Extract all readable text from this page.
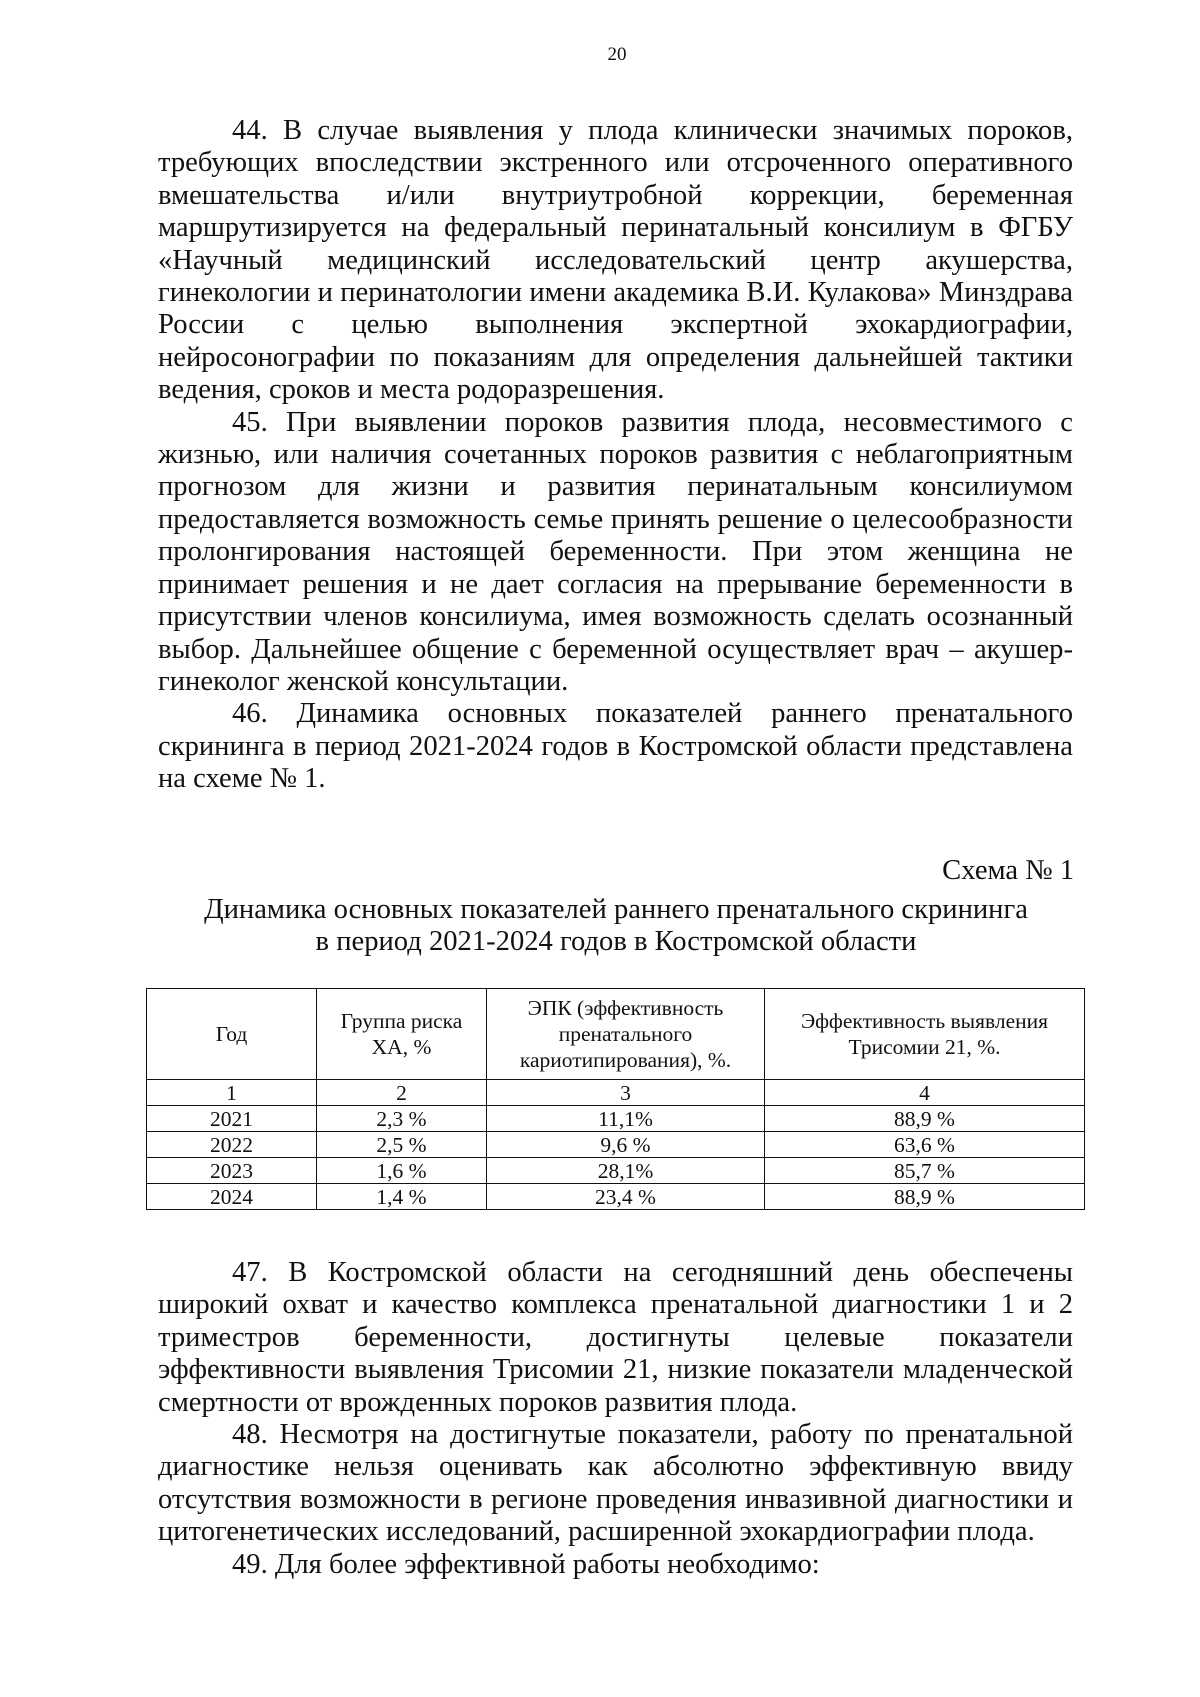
20

44. В случае выявления у плода клинически значимых пороков, требующих впоследствии экстренного или отсроченного оперативного вмешательства и/или внутриутробной коррекции, беременная маршрутизируется на федеральный перинатальный консилиум в ФГБУ «Научный медицинский исследовательский центр акушерства, гинекологии и перинатологии имени академика В.И. Кулакова» Минздрава России с целью выполнения экспертной эхокардиографии, нейросонографии по показаниям для определения дальнейшей тактики ведения, сроков и места родоразрешения.

45. При выявлении пороков развития плода, несовместимого с жизнью, или наличия сочетанных пороков развития с неблагоприятным прогнозом для жизни и развития перинатальным консилиумом предоставляется возможность семье принять решение о целесообразности пролонгирования настоящей беременности. При этом женщина не принимает решения и не дает согласия на прерывание беременности в присутствии членов консилиума, имея возможность сделать осознанный выбор. Дальнейшее общение с беременной осуществляет врач – акушер-гинеколог женской консультации.

46. Динамика основных показателей раннего пренатального скрининга в период 2021-2024 годов в Костромской области представлена на схеме № 1.

Схема № 1

Динамика основных показателей раннего пренатального скрининга
в период 2021-2024 годов в Костромской области
Год	Группа риска ХА, %	ЭПК (эффективность пренатального кариотипирования), %.	Эффективность выявления Трисомии 21, %.
1	2	3	4
2021	2,3 %	11,1%	88,9 %
2022	2,5 %	9,6 %	63,6 %
2023	1,6 %	28,1%	85,7 %
2024	1,4 %	23,4 %	88,9 %

47. В Костромской области на сегодняшний день обеспечены широкий охват и качество комплекса пренатальной диагностики 1 и 2 триместров беременности, достигнуты целевые показатели эффективности выявления Трисомии 21, низкие показатели младенческой смертности от врожденных пороков развития плода.

48. Несмотря на достигнутые показатели, работу по пренатальной диагностике нельзя оценивать как абсолютно эффективную ввиду отсутствия возможности в регионе проведения инвазивной диагностики и цитогенетических исследований, расширенной эхокардиографии плода.

49. Для более эффективной работы необходимо:
